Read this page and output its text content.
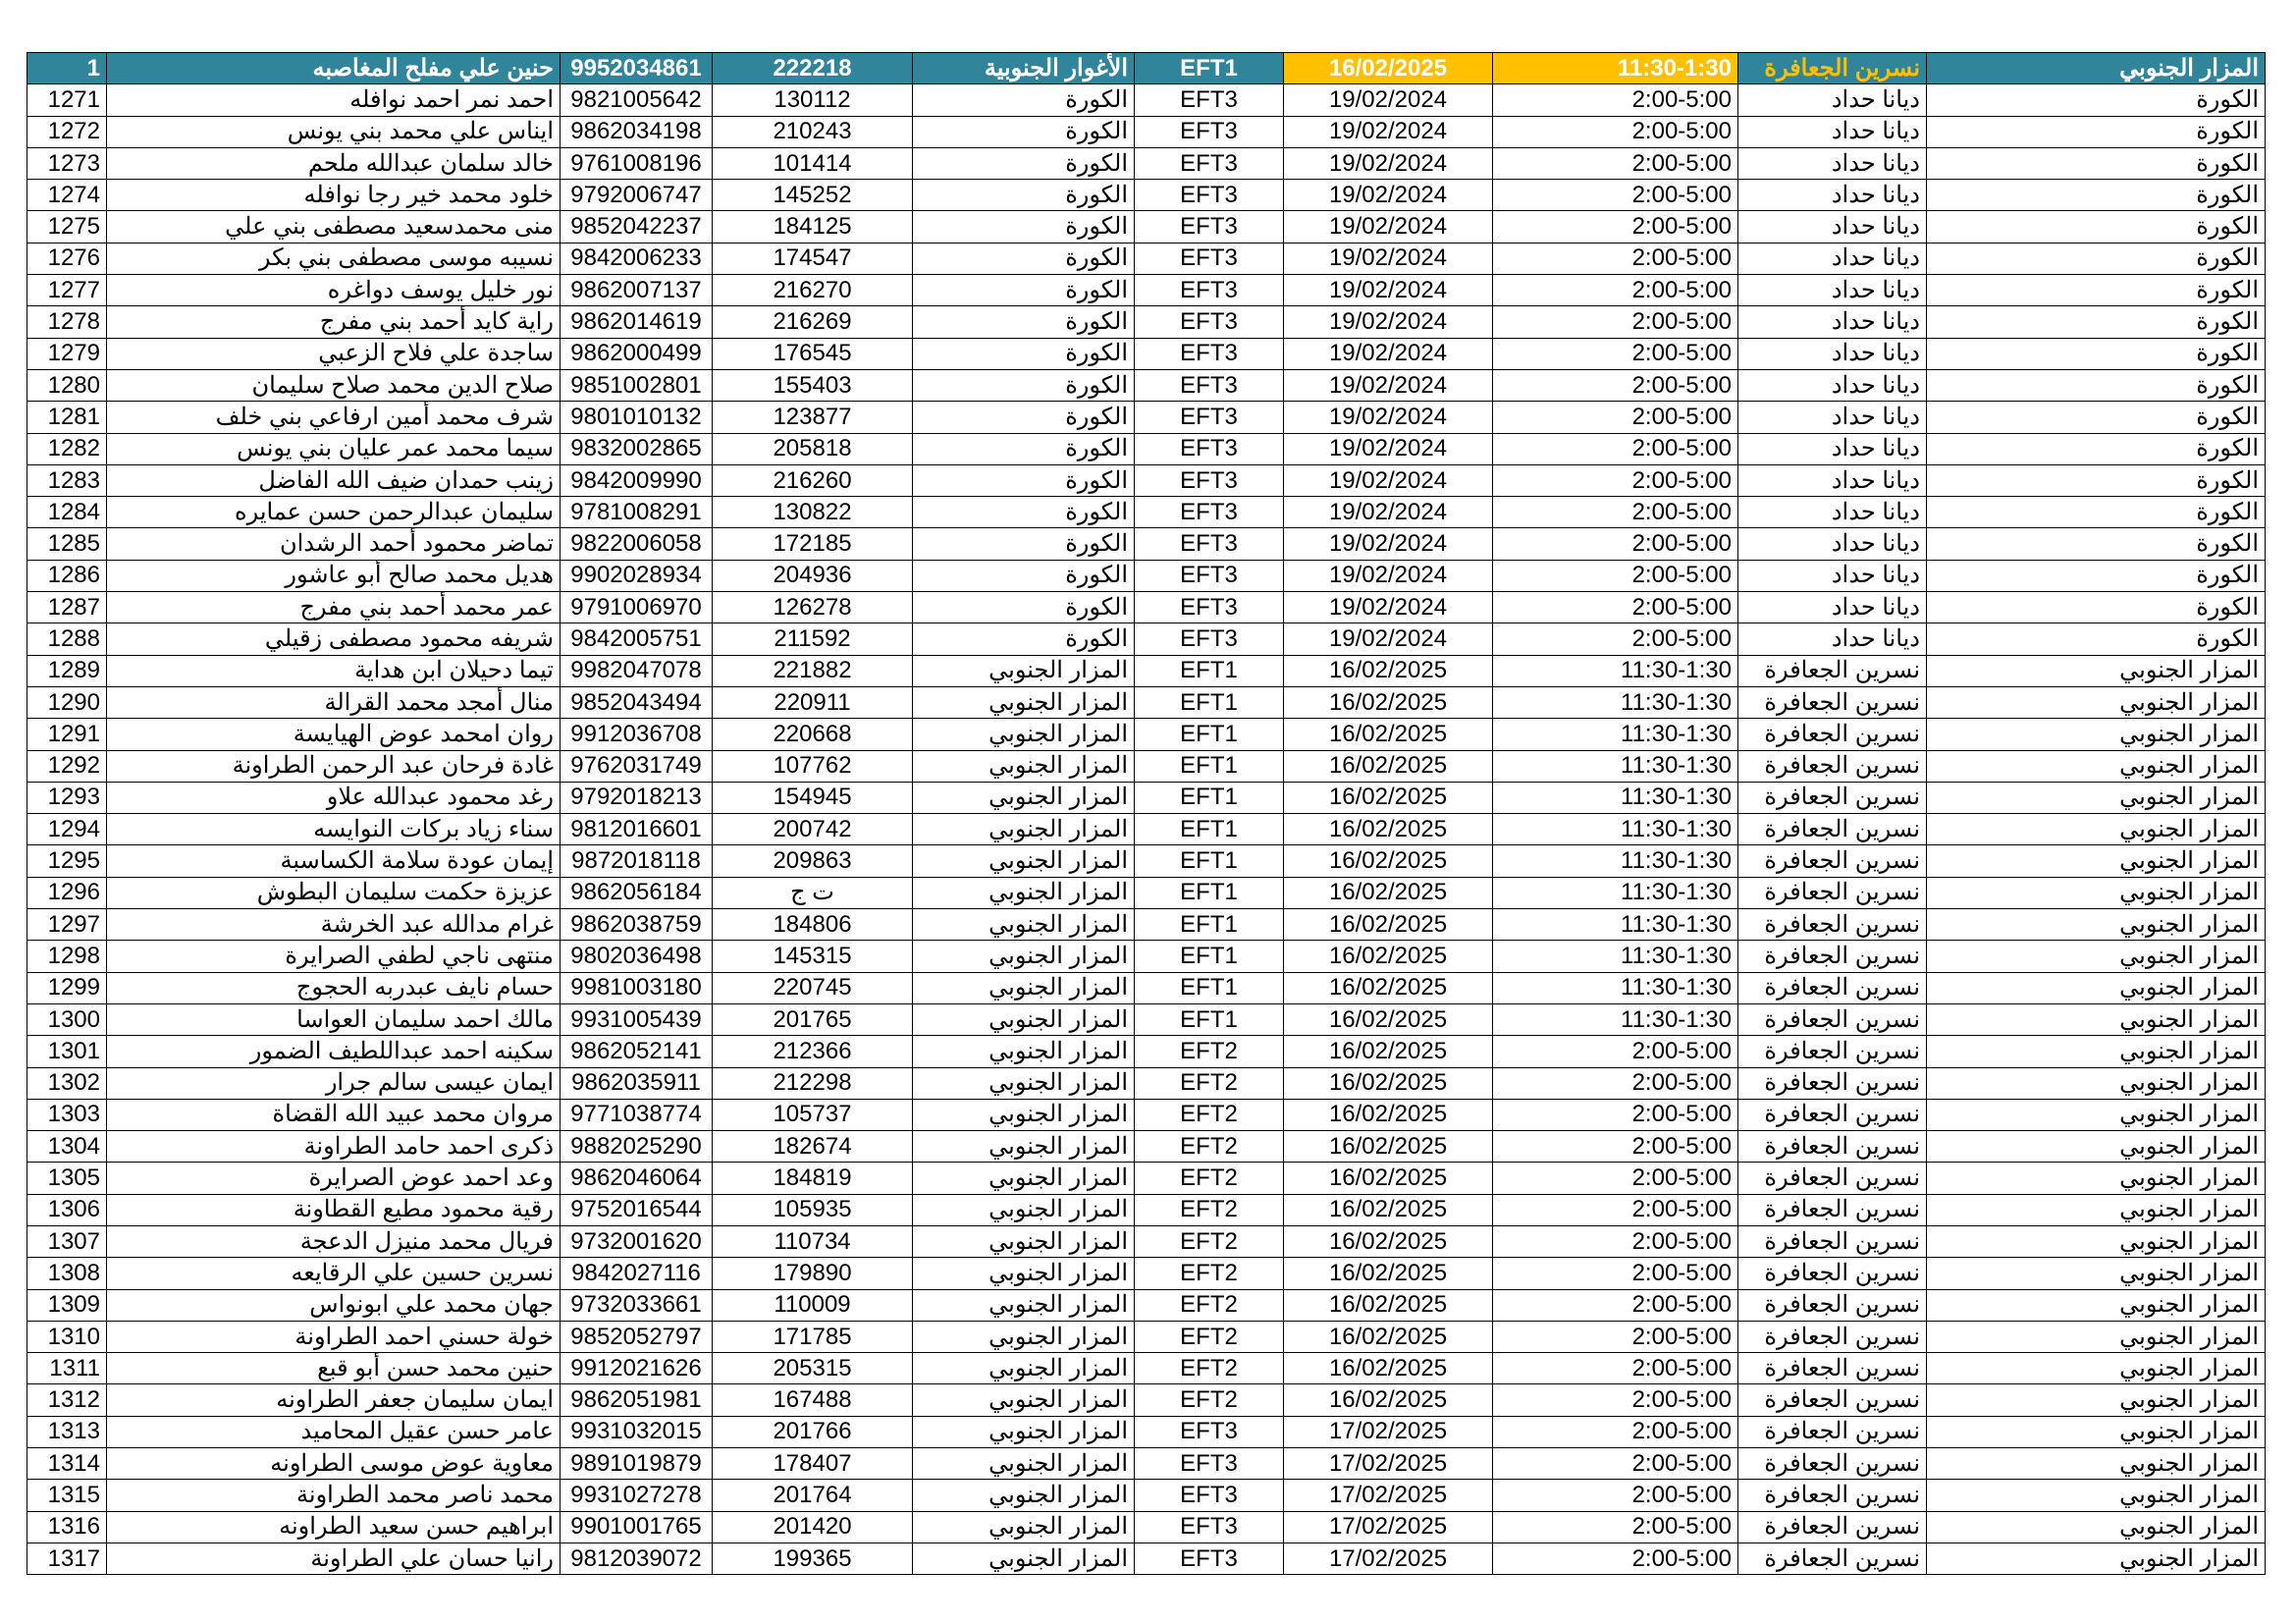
1	حنين علي مفلح المغاصبه	9952034861	222218	الأغوار الجنوبية	EFT1	16/02/2025	11:30-1:30	نسرين الجعافرة	المزار الجنوبي
1271	احمد نمر احمد نوافله	9821005642	130112	الكورة	EFT3	19/02/2024	2:00-5:00	ديانا حداد	الكورة
1272	ايناس علي محمد بني يونس	9862034198	210243	الكورة	EFT3	19/02/2024	2:00-5:00	ديانا حداد	الكورة
1273	خالد سلمان عبدالله ملحم	9761008196	101414	الكورة	EFT3	19/02/2024	2:00-5:00	ديانا حداد	الكورة
1274	خلود محمد خير رجا نوافله	9792006747	145252	الكورة	EFT3	19/02/2024	2:00-5:00	ديانا حداد	الكورة
1275	منى محمدسعيد مصطفى بني علي	9852042237	184125	الكورة	EFT3	19/02/2024	2:00-5:00	ديانا حداد	الكورة
1276	نسيبه موسى مصطفى بني بكر	9842006233	174547	الكورة	EFT3	19/02/2024	2:00-5:00	ديانا حداد	الكورة
1277	نور خليل يوسف دواغره	9862007137	216270	الكورة	EFT3	19/02/2024	2:00-5:00	ديانا حداد	الكورة
1278	راية كايد أحمد بني مفرج	9862014619	216269	الكورة	EFT3	19/02/2024	2:00-5:00	ديانا حداد	الكورة
1279	ساجدة علي فلاح الزعبي	9862000499	176545	الكورة	EFT3	19/02/2024	2:00-5:00	ديانا حداد	الكورة
1280	صلاح الدين محمد صلاح سليمان	9851002801	155403	الكورة	EFT3	19/02/2024	2:00-5:00	ديانا حداد	الكورة
1281	شرف محمد أمين ارفاعي بني خلف	9801010132	123877	الكورة	EFT3	19/02/2024	2:00-5:00	ديانا حداد	الكورة
1282	سيما محمد عمر عليان بني يونس	9832002865	205818	الكورة	EFT3	19/02/2024	2:00-5:00	ديانا حداد	الكورة
1283	زينب حمدان ضيف الله الفاضل	9842009990	216260	الكورة	EFT3	19/02/2024	2:00-5:00	ديانا حداد	الكورة
1284	سليمان عبدالرحمن حسن عمايره	9781008291	130822	الكورة	EFT3	19/02/2024	2:00-5:00	ديانا حداد	الكورة
1285	تماضر محمود أحمد الرشدان	9822006058	172185	الكورة	EFT3	19/02/2024	2:00-5:00	ديانا حداد	الكورة
1286	هديل محمد صالح أبو عاشور	9902028934	204936	الكورة	EFT3	19/02/2024	2:00-5:00	ديانا حداد	الكورة
1287	عمر محمد أحمد بني مفرج	9791006970	126278	الكورة	EFT3	19/02/2024	2:00-5:00	ديانا حداد	الكورة
1288	شريفه محمود مصطفى زقيلي	9842005751	211592	الكورة	EFT3	19/02/2024	2:00-5:00	ديانا حداد	الكورة
1289	تيما دحيلان ابن هداية	9982047078	221882	المزار الجنوبي	EFT1	16/02/2025	11:30-1:30	نسرين الجعافرة	المزار الجنوبي
1290	منال أمجد محمد القرالة	9852043494	220911	المزار الجنوبي	EFT1	16/02/2025	11:30-1:30	نسرين الجعافرة	المزار الجنوبي
1291	روان امحمد عوض الهيايسة	9912036708	220668	المزار الجنوبي	EFT1	16/02/2025	11:30-1:30	نسرين الجعافرة	المزار الجنوبي
1292	غادة فرحان عبد الرحمن الطراونة	9762031749	107762	المزار الجنوبي	EFT1	16/02/2025	11:30-1:30	نسرين الجعافرة	المزار الجنوبي
1293	رغد محمود عبدالله علاو	9792018213	154945	المزار الجنوبي	EFT1	16/02/2025	11:30-1:30	نسرين الجعافرة	المزار الجنوبي
1294	سناء زياد بركات النوايسه	9812016601	200742	المزار الجنوبي	EFT1	16/02/2025	11:30-1:30	نسرين الجعافرة	المزار الجنوبي
1295	إيمان عودة سلامة الكساسبة	9872018118	209863	المزار الجنوبي	EFT1	16/02/2025	11:30-1:30	نسرين الجعافرة	المزار الجنوبي
1296	عزيزة حكمت سليمان البطوش	9862056184	ت ج	المزار الجنوبي	EFT1	16/02/2025	11:30-1:30	نسرين الجعافرة	المزار الجنوبي
1297	غرام مدالله عبد الخرشة	9862038759	184806	المزار الجنوبي	EFT1	16/02/2025	11:30-1:30	نسرين الجعافرة	المزار الجنوبي
1298	منتهى ناجي لطفي الصرايرة	9802036498	145315	المزار الجنوبي	EFT1	16/02/2025	11:30-1:30	نسرين الجعافرة	المزار الجنوبي
1299	حسام نايف عبدربه الحجوج	9981003180	220745	المزار الجنوبي	EFT1	16/02/2025	11:30-1:30	نسرين الجعافرة	المزار الجنوبي
1300	مالك احمد سليمان العواسا	9931005439	201765	المزار الجنوبي	EFT1	16/02/2025	11:30-1:30	نسرين الجعافرة	المزار الجنوبي
1301	سكينه احمد عبداللطيف الضمور	9862052141	212366	المزار الجنوبي	EFT2	16/02/2025	2:00-5:00	نسرين الجعافرة	المزار الجنوبي
1302	ايمان عيسى سالم جرار	9862035911	212298	المزار الجنوبي	EFT2	16/02/2025	2:00-5:00	نسرين الجعافرة	المزار الجنوبي
1303	مروان محمد عبيد الله القضاة	9771038774	105737	المزار الجنوبي	EFT2	16/02/2025	2:00-5:00	نسرين الجعافرة	المزار الجنوبي
1304	ذكرى احمد حامد الطراونة	9882025290	182674	المزار الجنوبي	EFT2	16/02/2025	2:00-5:00	نسرين الجعافرة	المزار الجنوبي
1305	وعد احمد عوض الصرايرة	9862046064	184819	المزار الجنوبي	EFT2	16/02/2025	2:00-5:00	نسرين الجعافرة	المزار الجنوبي
1306	رقية محمود مطيع القطاونة	9752016544	105935	المزار الجنوبي	EFT2	16/02/2025	2:00-5:00	نسرين الجعافرة	المزار الجنوبي
1307	فريال محمد منيزل الدعجة	9732001620	110734	المزار الجنوبي	EFT2	16/02/2025	2:00-5:00	نسرين الجعافرة	المزار الجنوبي
1308	نسرين حسين علي الرقايعه	9842027116	179890	المزار الجنوبي	EFT2	16/02/2025	2:00-5:00	نسرين الجعافرة	المزار الجنوبي
1309	جهان محمد علي ابونواس	9732033661	110009	المزار الجنوبي	EFT2	16/02/2025	2:00-5:00	نسرين الجعافرة	المزار الجنوبي
1310	خولة حسني احمد الطراونة	9852052797	171785	المزار الجنوبي	EFT2	16/02/2025	2:00-5:00	نسرين الجعافرة	المزار الجنوبي
1311	حنين محمد حسن أبو قبع	9912021626	205315	المزار الجنوبي	EFT2	16/02/2025	2:00-5:00	نسرين الجعافرة	المزار الجنوبي
1312	ايمان سليمان جعفر الطراونه	9862051981	167488	المزار الجنوبي	EFT2	16/02/2025	2:00-5:00	نسرين الجعافرة	المزار الجنوبي
1313	عامر حسن عقيل المحاميد	9931032015	201766	المزار الجنوبي	EFT3	17/02/2025	2:00-5:00	نسرين الجعافرة	المزار الجنوبي
1314	معاوية عوض موسى الطراونه	9891019879	178407	المزار الجنوبي	EFT3	17/02/2025	2:00-5:00	نسرين الجعافرة	المزار الجنوبي
1315	محمد ناصر محمد الطراونة	9931027278	201764	المزار الجنوبي	EFT3	17/02/2025	2:00-5:00	نسرين الجعافرة	المزار الجنوبي
1316	ابراهيم حسن سعيد الطراونه	9901001765	201420	المزار الجنوبي	EFT3	17/02/2025	2:00-5:00	نسرين الجعافرة	المزار الجنوبي
1317	رانيا حسان علي الطراونة	9812039072	199365	المزار الجنوبي	EFT3	17/02/2025	2:00-5:00	نسرين الجعافرة	المزار الجنوبي
